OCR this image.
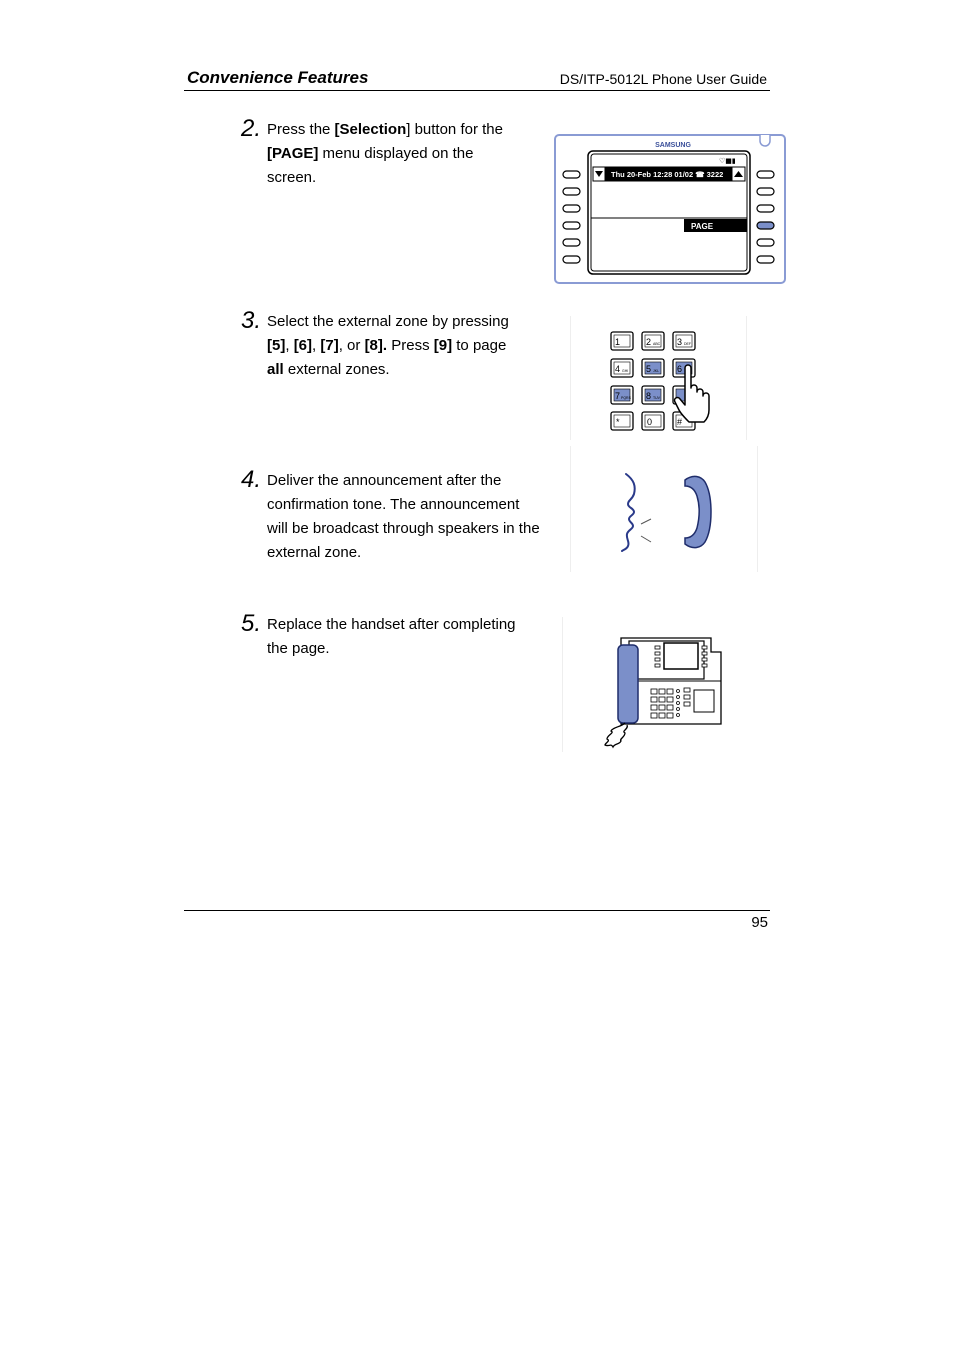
Convenience Features	DS/ITP-5012L Phone User Guide
2. Press the [Selection] button for the
[PAGE] menu displayed on the
screen.
3. Select the external zone by pressing
[5], [6], [7], or [8]. Press [9] to page
all external zones.
4. Deliver the announcement after the
confirmation tone. The announcement
will be broadcast through speakers in the
external zone.
5. Replace the handset after completing
the page.
SAMSUNG
♡■▮
Thu 20-Feb 12:28 01/02 ☎ 3222
PAGE
1	2 ABC 3 DEF
4 GHI 5 JKL 6
7 PQRS 8 TUV
*	0	#
95
